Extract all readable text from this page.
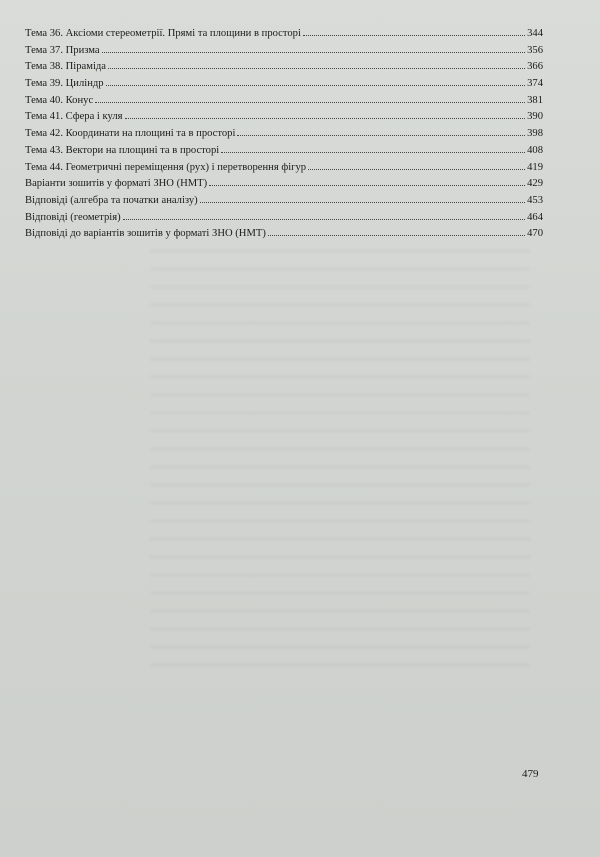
Тема 36. Аксіоми стереометрії. Прямі та площини в просторі	344
Тема 37. Призма	356
Тема 38. Піраміда	366
Тема 39. Циліндр	374
Тема 40. Конус	381
Тема 41. Сфера і куля	390
Тема 42. Координати на площині та в просторі	398
Тема 43. Вектори на площині та в просторі	408
Тема 44. Геометричні переміщення (рух) і перетворення фігур	419
Варіанти зошитів у форматі ЗНО (НМТ)	429
Відповіді (алгебра та початки аналізу)	453
Відповіді (геометрія)	464
Відповіді до варіантів зошитів у форматі ЗНО (НМТ)	470
479
